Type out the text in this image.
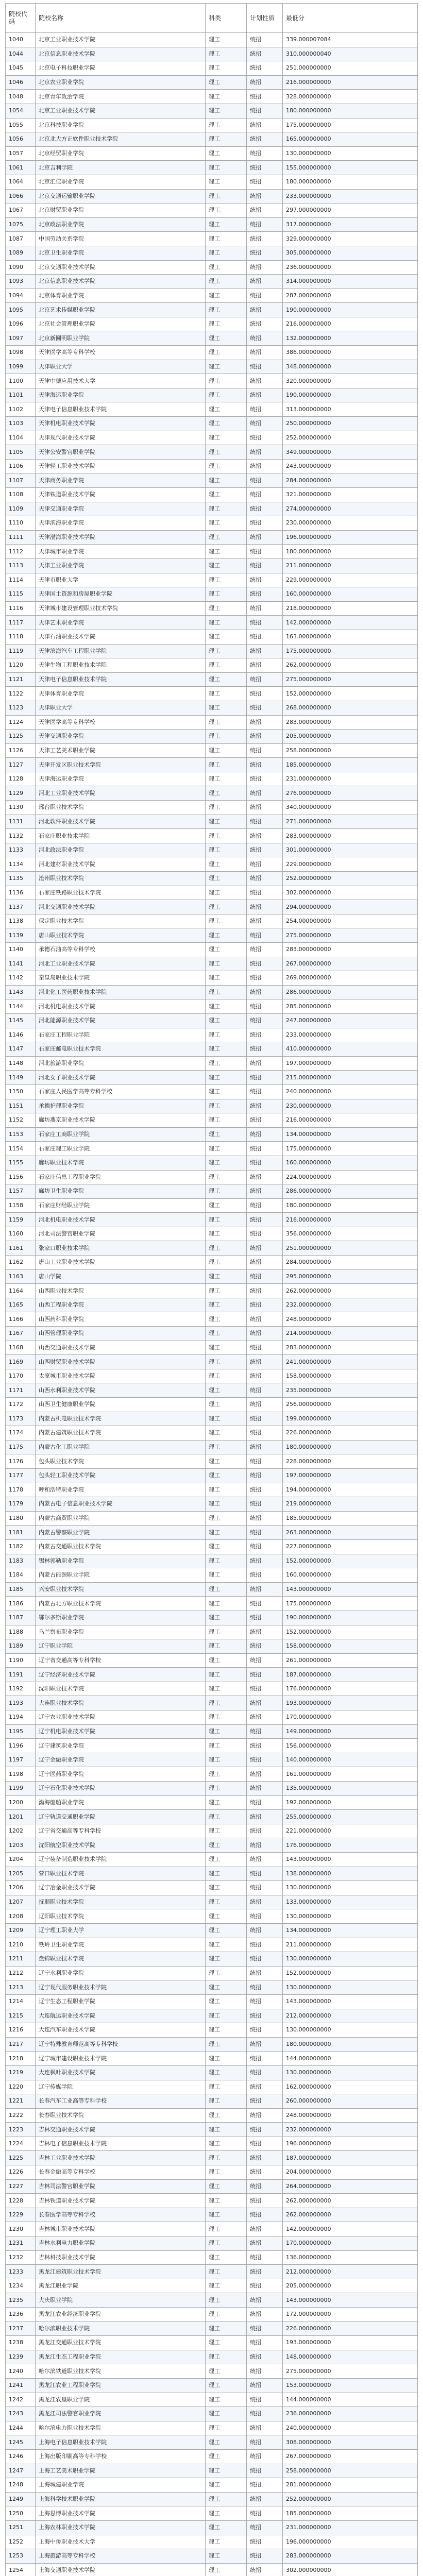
院校代码	院校名称	科类	计划性质	最低分
1040	北京工业职业技术学院	理工	统招	339.000007084
1044	北京信息职业技术学院	理工	统招	310.000000040
1045	北京电子科技职业学院	理工	统招	251.000000000
1046	北京农业职业学院	理工	统招	216.000000000
1048	北京青年政治学院	理工	统招	328.000000000
1054	北京工业职业技术学院	理工	统招	180.000000000
1055	北京科技职业学院	理工	统招	175.000000000
1056	北京北大方正软件职业技术学院	理工	统招	165.000000000
1057	北京经贸职业学院	理工	统招	130.000000000
1061	北京吉利学院	理工	统招	155.000000000
1064	北京汇佳职业学院	理工	统招	180.000000000
1066	北京交通运输职业学院	理工	统招	233.000000000
1067	北京财贸职业学院	理工	统招	297.000000000
1075	北京政法职业学院	理工	统招	317.000000000
1087	中国劳动关系学院	理工	统招	329.000000000
1089	北京卫生职业学院	理工	统招	305.000000000
1090	北京交通职业技术学院	理工	统招	236.000000000
1093	北京信息职业技术学院	理工	统招	314.000000000
1094	北京体育职业学院	理工	统招	287.000000000
1095	北京艺术传媒职业学院	理工	统招	190.000000000
1096	北京社会管理职业学院	理工	统招	216.000000000
1097	北京新圆明职业学院	理工	统招	132.000000000
1098	天津医学高等专科学校	理工	统招	386.000000000
1099	天津职业大学	理工	统招	348.000000000
1100	天津中德应用技术大学	理工	统招	320.000000000
1101	天津海运职业学院	理工	统招	190.000000000
1102	天津电子信息职业技术学院	理工	统招	313.000000000
1103	天津机电职业技术学院	理工	统招	250.000000000
1104	天津现代职业技术学院	理工	统招	252.000000000
1105	天津公安警官职业学院	理工	统招	349.000000000
1106	天津轻工职业技术学院	理工	统招	243.000000000
1107	天津商务职业学院	理工	统招	284.000000000
1108	天津铁道职业技术学院	理工	统招	321.000000000
1109	天津交通职业学院	理工	统招	274.000000000
1110	天津滨海职业学院	理工	统招	230.000000000
1111	天津渤海职业技术学院	理工	统招	196.000000000
1112	天津城市职业学院	理工	统招	180.000000000
1113	天津工业职业学院	理工	统招	211.000000000
1114	天津市职业大学	理工	统招	229.000000000
1115	天津国土资源和房屋职业学院	理工	统招	160.000000000
1116	天津城市建设管理职业技术学院	理工	统招	218.000000000
1117	天津艺术职业学院	理工	统招	142.000000000
1118	天津石油职业技术学院	理工	统招	163.000000000
1119	天津滨海汽车工程职业学院	理工	统招	175.000000000
1120	天津生物工程职业技术学院	理工	统招	262.000000000
1121	天津电子信息职业技术学院	理工	统招	275.000000000
1122	天津体育职业学院	理工	统招	152.000000000
1123	天津职业大学	理工	统招	268.000000000
1124	天津医学高等专科学校	理工	统招	283.000000000
1125	天津交通职业学院	理工	统招	205.000000000
1126	天津工艺美术职业学院	理工	统招	258.000000000
1127	天津开发区职业技术学院	理工	统招	185.000000000
1128	天津海运职业学院	理工	统招	231.000000000
1129	河北工业职业技术学院	理工	统招	276.000000000
1130	邢台职业技术学院	理工	统招	340.000000000
1131	河北软件职业技术学院	理工	统招	271.000000000
1132	石家庄职业技术学院	理工	统招	283.000000000
1133	河北政法职业学院	理工	统招	301.000000000
1134	河北建材职业技术学院	理工	统招	229.000000000
1135	沧州职业技术学院	理工	统招	252.000000000
1136	石家庄铁路职业技术学院	理工	统招	302.000000000
1137	河北交通职业技术学院	理工	统招	294.000000000
1138	保定职业技术学院	理工	统招	254.000000000
1139	唐山职业技术学院	理工	统招	275.000000000
1140	承德石油高等专科学校	理工	统招	283.000000000
1141	河北工业职业技术学院	理工	统招	267.000000000
1142	秦皇岛职业技术学院	理工	统招	269.000000000
1143	河北化工医药职业技术学院	理工	统招	286.000000000
1144	河北机电职业技术学院	理工	统招	285.000000000
1145	河北能源职业技术学院	理工	统招	247.000000000
1146	石家庄工程职业学院	理工	统招	233.000000000
1147	石家庄邮电职业技术学院	理工	统招	410.000000000
1148	河北旅游职业学院	理工	统招	197.000000000
1149	河北女子职业技术学院	理工	统招	215.000000000
1150	石家庄人民医学高等专科学校	理工	统招	240.000000000
1151	承德护理职业学院	理工	统招	230.000000000
1152	廊坊燕京职业技术学院	理工	统招	216.000000000
1153	石家庄工商职业学院	理工	统招	134.000000000
1154	石家庄理工职业学院	理工	统招	175.000000000
1155	廊坊职业技术学院	理工	统招	160.000000000
1156	石家庄信息工程职业学院	理工	统招	224.000000000
1157	廊坊卫生职业学院	理工	统招	286.000000000
1158	石家庄财经职业学院	理工	统招	180.000000000
1159	河北机电职业技术学院	理工	统招	216.000000000
1160	河北司法警官职业学院	理工	统招	356.000000000
1161	张家口职业技术学院	理工	统招	251.000000000
1162	唐山工业职业技术学院	理工	统招	284.000000000
1163	唐山学院	理工	统招	295.000000000
1164	山西职业技术学院	理工	统招	262.000000000
1165	山西工程职业学院	理工	统招	232.000000000
1166	山西药科职业学院	理工	统招	248.000000000
1167	山西管理职业学院	理工	统招	214.000000000
1168	山西交通职业技术学院	理工	统招	283.000000000
1169	山西财贸职业技术学院	理工	统招	241.000000000
1170	太原城市职业技术学院	理工	统招	158.000000000
1171	山西水利职业技术学院	理工	统招	235.000000000
1172	山西卫生健康职业学院	理工	统招	256.000000000
1173	内蒙古机电职业技术学院	理工	统招	199.000000000
1174	内蒙古建筑职业技术学院	理工	统招	226.000000000
1175	内蒙古化工职业学院	理工	统招	180.000000000
1176	包头职业技术学院	理工	统招	228.000000000
1177	包头轻工职业技术学院	理工	统招	197.000000000
1178	呼和浩特职业学院	理工	统招	194.000000000
1179	内蒙古电子信息职业技术学院	理工	统招	219.000000000
1180	内蒙古商贸职业学院	理工	统招	185.000000000
1181	内蒙古警察职业学院	理工	统招	263.000000000
1182	内蒙古交通职业技术学院	理工	统招	227.000000000
1183	锡林郭勒职业学院	理工	统招	152.000000000
1184	内蒙古能源职业学院	理工	统招	160.000000000
1185	兴安职业技术学院	理工	统招	143.000000000
1186	内蒙古北方职业技术学院	理工	统招	175.000000000
1187	鄂尔多斯职业学院	理工	统招	190.000000000
1188	乌兰察布职业学院	理工	统招	152.000000000
1189	辽宁职业学院	理工	统招	158.000000000
1190	辽宁省交通高等专科学校	理工	统招	261.000000000
1191	辽宁经济职业技术学院	理工	统招	187.000000000
1192	沈阳职业技术学院	理工	统招	176.000000000
1193	大连职业技术学院	理工	统招	193.000000000
1194	辽宁农业职业技术学院	理工	统招	170.000000000
1195	辽宁机电职业技术学院	理工	统招	149.000000000
1196	辽宁建筑职业学院	理工	统招	156.000000000
1197	辽宁金融职业学院	理工	统招	140.000000000
1198	辽宁医药职业学院	理工	统招	161.000000000
1199	辽宁石化职业技术学院	理工	统招	135.000000000
1200	渤海船舶职业学院	理工	统招	192.000000000
1201	辽宁轨道交通职业学院	理工	统招	255.000000000
1202	辽宁省交通高等专科学校	理工	统招	221.000000000
1203	沈阳航空职业技术学院	理工	统招	176.000000000
1204	辽宁装备制造职业技术学院	理工	统招	143.000000000
1205	营口职业技术学院	理工	统招	138.000000000
1206	辽宁冶金职业技术学院	理工	统招	130.000000000
1207	抚顺职业技术学院	理工	统招	133.000000000
1208	辽阳职业技术学院	理工	统招	130.000000000
1209	辽宁理工职业大学	理工	统招	134.000000000
1210	铁岭卫生职业学院	理工	统招	211.000000000
1211	盘锦职业技术学院	理工	统招	130.000000000
1212	辽宁水利职业学院	理工	统招	152.000000000
1213	辽宁现代服务职业技术学院	理工	统招	130.000000000
1214	辽宁生态工程职业学院	理工	统招	143.000000000
1215	大连航运职业技术学院	理工	统招	212.000000000
1216	大连汽车职业技术学院	理工	统招	130.000000000
1217	辽宁特殊教育师范高等专科学校	理工	统招	180.000000000
1218	辽宁城市建设职业技术学院	理工	统招	144.000000000
1219	大连枫叶职业技术学院	理工	统招	130.000000000
1220	辽宁传媒学院	理工	统招	162.000000000
1221	长春汽车工业高等专科学校	理工	统招	260.000000000
1222	长春职业技术学院	理工	统招	248.000000000
1223	吉林交通职业技术学院	理工	统招	232.000000000
1224	吉林电子信息职业技术学院	理工	统招	196.000000000
1225	吉林工业职业技术学院	理工	统招	187.000000000
1226	长春金融高等专科学校	理工	统招	204.000000000
1227	吉林司法警官职业学院	理工	统招	264.000000000
1228	吉林铁道职业技术学院	理工	统招	262.000000000
1229	长春医学高等专科学校	理工	统招	262.000000000
1230	吉林城市职业技术学院	理工	统招	142.000000000
1231	吉林水利电力职业学院	理工	统招	170.000000000
1232	吉林科技职业技术学院	理工	统招	136.000000000
1233	黑龙江建筑职业技术学院	理工	统招	212.000000000
1234	黑龙江职业学院	理工	统招	205.000000000
1235	大庆职业学院	理工	统招	143.000000000
1236	黑龙江农业经济职业学院	理工	统招	172.000000000
1237	哈尔滨职业技术学院	理工	统招	226.000000000
1238	黑龙江交通职业技术学院	理工	统招	193.000000000
1239	黑龙江生态工程职业学院	理工	统招	148.000000000
1240	哈尔滨铁道职业技术学院	理工	统招	275.000000000
1241	黑龙江农业工程职业学院	理工	统招	153.000000000
1242	黑龙江农垦职业学院	理工	统招	144.000000000
1243	黑龙江司法警官职业学院	理工	统招	236.000000000
1244	哈尔滨电力职业技术学院	理工	统招	240.000000000
1245	上海电子信息职业技术学院	理工	统招	308.000000000
1246	上海出版印刷高等专科学校	理工	统招	267.000000000
1247	上海工艺美术职业学院	理工	统招	258.000000000
1248	上海城建职业学院	理工	统招	281.000000000
1249	上海科学技术职业学院	理工	统招	252.000000000
1250	上海思博职业技术学院	理工	统招	185.000000000
1251	上海农林职业技术学院	理工	统招	231.000000000
1252	上海中侨职业技术大学	理工	统招	196.000000000
1253	上海旅游高等专科学校	理工	统招	283.000000000
1254	上海交通职业技术学院	理工	统招	302.000000000
